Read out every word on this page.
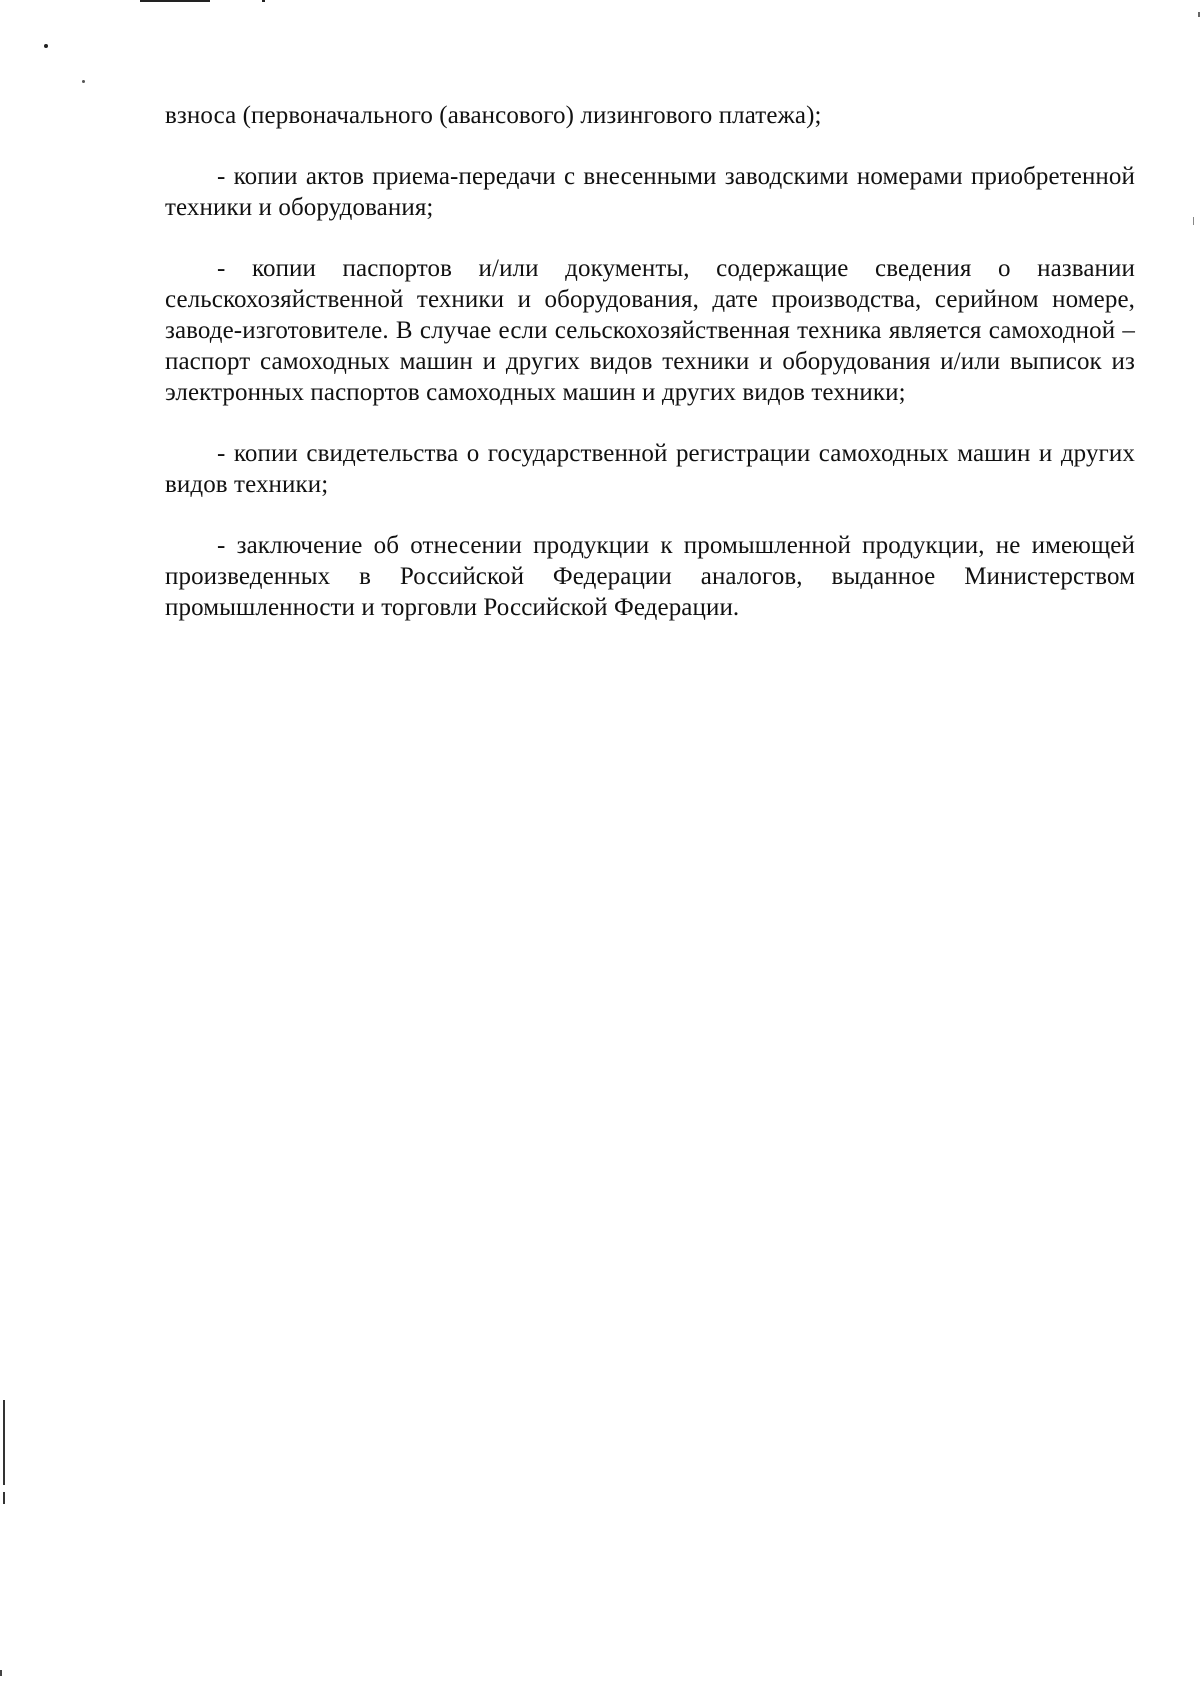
взноса (первоначального (авансового) лизингового платежа);

- копии актов приема-передачи с внесенными заводскими номерами приобретенной техники и оборудования;

- копии паспортов и/или документы, содержащие сведения о названии сельскохозяйственной техники и оборудования, дате производства, серийном номере, заводе-изготовителе. В случае если сельскохозяйственная техника является самоходной – паспорт самоходных машин и других видов техники и оборудования и/или выписок из электронных паспортов самоходных машин и других видов техники;

- копии свидетельства о государственной регистрации самоходных машин и других видов техники;

- заключение об отнесении продукции к промышленной продукции, не имеющей произведенных в Российской Федерации аналогов, выданное Министерством промышленности и торговли Российской Федерации.
